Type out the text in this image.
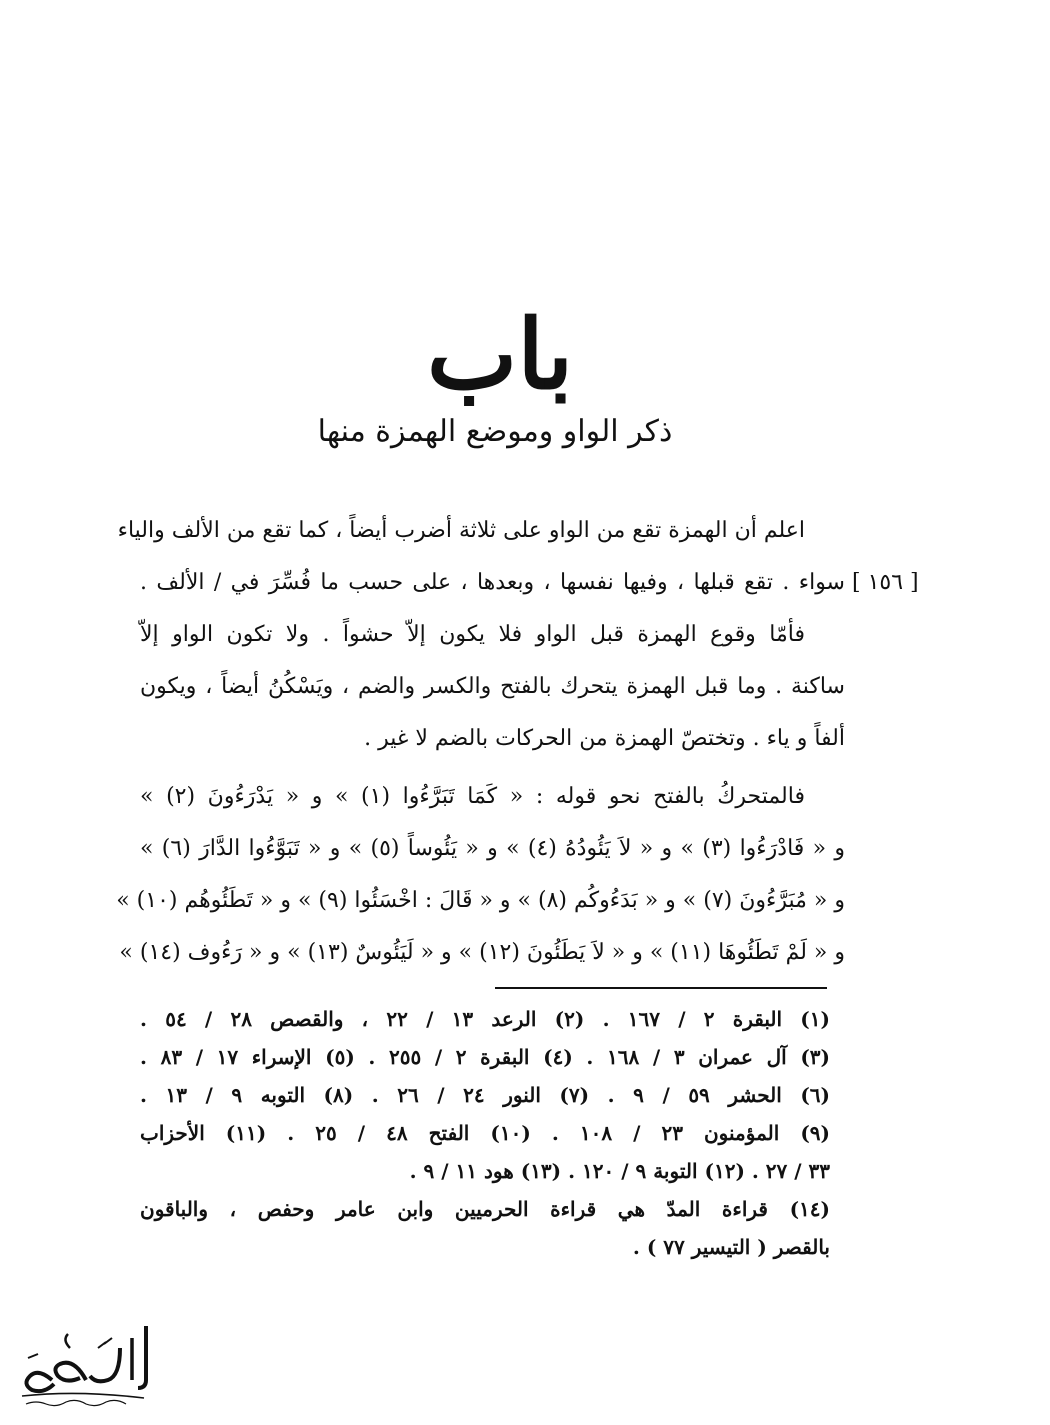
باب
ذكر الواو وموضع الهمزة منها
[ ١٥٦ ]
اعلم أن الهمزة تقع من الواو على ثلاثة أضرب أيضاً ، كما تقع من الألف والياء
سواء . تقع قبلها ، وفيها نفسها ، وبعدها ، على حسب ما فُسِّرَ في / الألف .
فأمّا وقوع الهمزة قبل الواو فلا يكون إلاّ حشواً . ولا تكون الواو إلاّ
ساكنة . وما قبل الهمزة يتحرك بالفتح والكسر والضم ، ويَسْكُنُ أيضاً ، ويكون
ألفاً و ياء . وتختصّ الهمزة من الحركات بالضم لا غير .
فالمتحركُ بالفتح نحو قوله : « كَمَا تَبَرَّءُوا (١) » و « يَدْرَءُونَ (٢) »
و « فَادْرَءُوا (٣) » و « لاَ يَئُودُهُ (٤) » و « يَئُوساً (٥) » و « تَبَوَّءُوا الدَّارَ (٦) »
و « مُبَرَّءُونَ (٧) » و « بَدَءُوكُم (٨) » و « قَالَ : اخْسَئُوا (٩) » و « تَطَئُوهُم (١٠) »
و « لَمْ تَطَئُوهَا (١١) » و « لاَ يَطَئُونَ (١٢) » و « لَيَئُوسٌ (١٣) » و « رَءُوف (١٤) »
(١) البقرة ٢ / ١٦٧ . (٢) الرعد ١٣ / ٢٢ ، والقصص ٢٨ / ٥٤ .
(٣) آل عمران ٣ / ١٦٨ . (٤) البقرة ٢ / ٢٥٥ . (٥) الإسراء ١٧ / ٨٣ .
(٦) الحشر ٥٩ / ٩ . (٧) النور ٢٤ / ٢٦ . (٨) التوبه ٩ / ١٣ .
(٩) المؤمنون ٢٣ / ١٠٨ . (١٠) الفتح ٤٨ / ٢٥ . (١١) الأحزاب
٣٣ / ٢٧ . (١٢) التوبة ٩ / ١٢٠ . (١٣) هود ١١ / ٩ .
(١٤) قراءة المدّ هي قراءة الحرميين وابن عامر وحفص ، والباقون
بالقصر ( التيسير ٧٧ ) .
